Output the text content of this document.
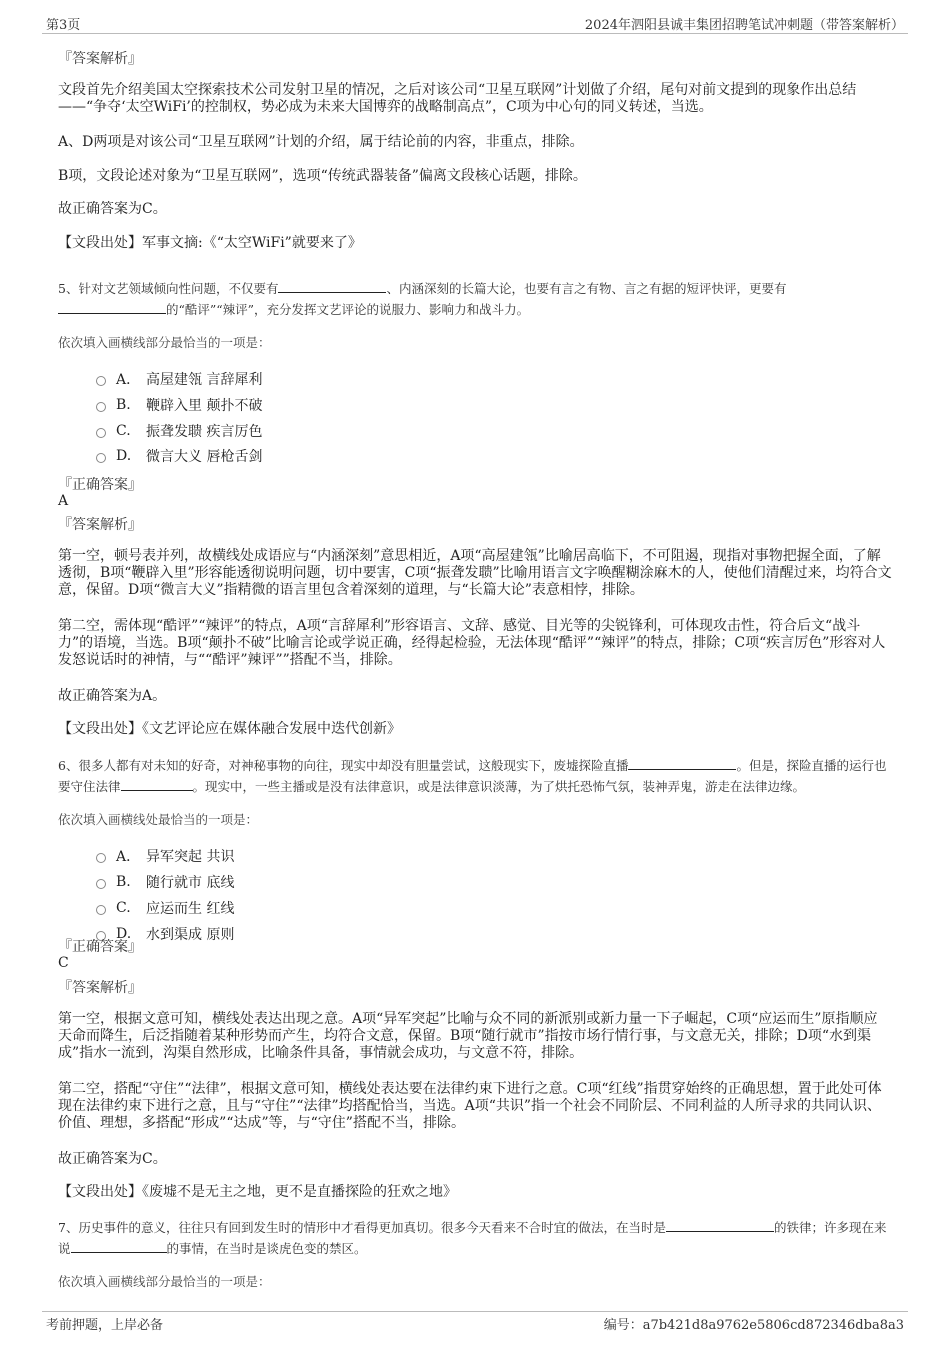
第3页	2024年泗阳县诚丰集团招聘笔试冲刺题（带答案解析）
『答案解析』
文段首先介绍美国太空探索技术公司发射卫星的情况，之后对该公司“卫星互联网”计划做了介绍，尾句对前文提到的现象作出总结——“争夺‘太空WiFi’的控制权，势必成为未来大国博弈的战略制高点”，C项为中心句的同义转述，当选。
A、D两项是对该公司“卫星互联网”计划的介绍，属于结论前的内容，非重点，排除。
B项，文段论述对象为“卫星互联网”，选项“传统武器装备”偏离文段核心话题，排除。
故正确答案为C。
【文段出处】军事文摘:《“太空WiFi”就要来了》
5、针对文艺领域倾向性问题，不仅要有	、内涵深刻的长篇大论，也要有言之有物、言之有据的短评快评，更要有的“酷评”“辣评”，充分发挥文艺评论的说服力、影响力和战斗力。
依次填入画横线部分最恰当的一项是：
A． 高屋建瓴 言辞犀利
B.	鞭辟入里 颠扑不破
C.	振聋发聩 疾言厉色
D.	微言大义 唇枪舌剑
『正确答案』
A
『答案解析』
第一空，顿号表并列，故横线处成语应与“内涵深刻”意思相近，A项“高屋建瓴”比喻居高临下，不可阻遏，现指对事物把握全面，了解透彻，B项“鞭辟入里”形容能透彻说明问题，切中要害，C项“振聋发聩”比喻用语言文字唤醒糊涂麻木的人，使他们清醒过来，均符合文意，保留。D项“微言大义”指精微的语言里包含着深刻的道理，与“长篇大论”表意相悖，排除。
第二空，需体现“酷评”“辣评”的特点，A项“言辞犀利”形容语言、文辞、感觉、目光等的尖锐锋利，可体现攻击性，符合后文“战斗力”的语境，当选。B项“颠扑不破”比喻言论或学说正确，经得起检验，无法体现“酷评”“辣评”的特点，排除；C项“疾言厉色”形容对人发怒说话时的神情，与““酷评”辣评””搭配不当，排除。
故正确答案为A。
【文段出处】《文艺评论应在媒体融合发展中迭代创新》
6、很多人都有对未知的好奇，对神秘事物的向往，现实中却没有胆量尝试，这般现实下，废墟探险直播	。但是，探险直播的运行也要守住法律	。现实中，一些主播或是没有法律意识，或是法律意识淡薄，为了烘托恐怖气氛，装神弄鬼，游走在法律边缘。
依次填入画横线处最恰当的一项是：
A． 异军突起 共识
B.	随行就市 底线
C.	应运而生 红线
D.	水到渠成 原则
『正确答案』
C
『答案解析』
第一空，根据文意可知，横线处表达出现之意。A项“异军突起”比喻与众不同的新派别或新力量一下子崛起，C项“应运而生”原指顺应天命而降生，后泛指随着某种形势而产生，均符合文意，保留。B项“随行就市”指按市场行情行事，与文意无关，排除；D项“水到渠成”指水一流到，沟渠自然形成，比喻条件具备，事情就会成功，与文意不符，排除。
第二空，搭配“守住”“法律”，根据文意可知，横线处表达要在法律约束下进行之意。C项“红线”指贯穿始终的正确思想，置于此处可体现在法律约束下进行之意，且与“守住”“法律”均搭配恰当，当选。A项“共识”指一个社会不同阶层、不同利益的人所寻求的共同认识、价值、理想，多搭配“形成”“达成”等，与“守住”搭配不当，排除。
故正确答案为C。
【文段出处】《废墟不是无主之地，更不是直播探险的狂欢之地》
7、历史事件的意义，往往只有回到发生时的情形中才看得更加真切。很多今天看来不合时宜的做法，在当时是	的铁律；许多现在来说	的事情，在当时是谈虎色变的禁区。
依次填入画横线部分最恰当的一项是：
考前押题，上岸必备	编号：a7b421d8a9762e5806cd872346dba8a3
